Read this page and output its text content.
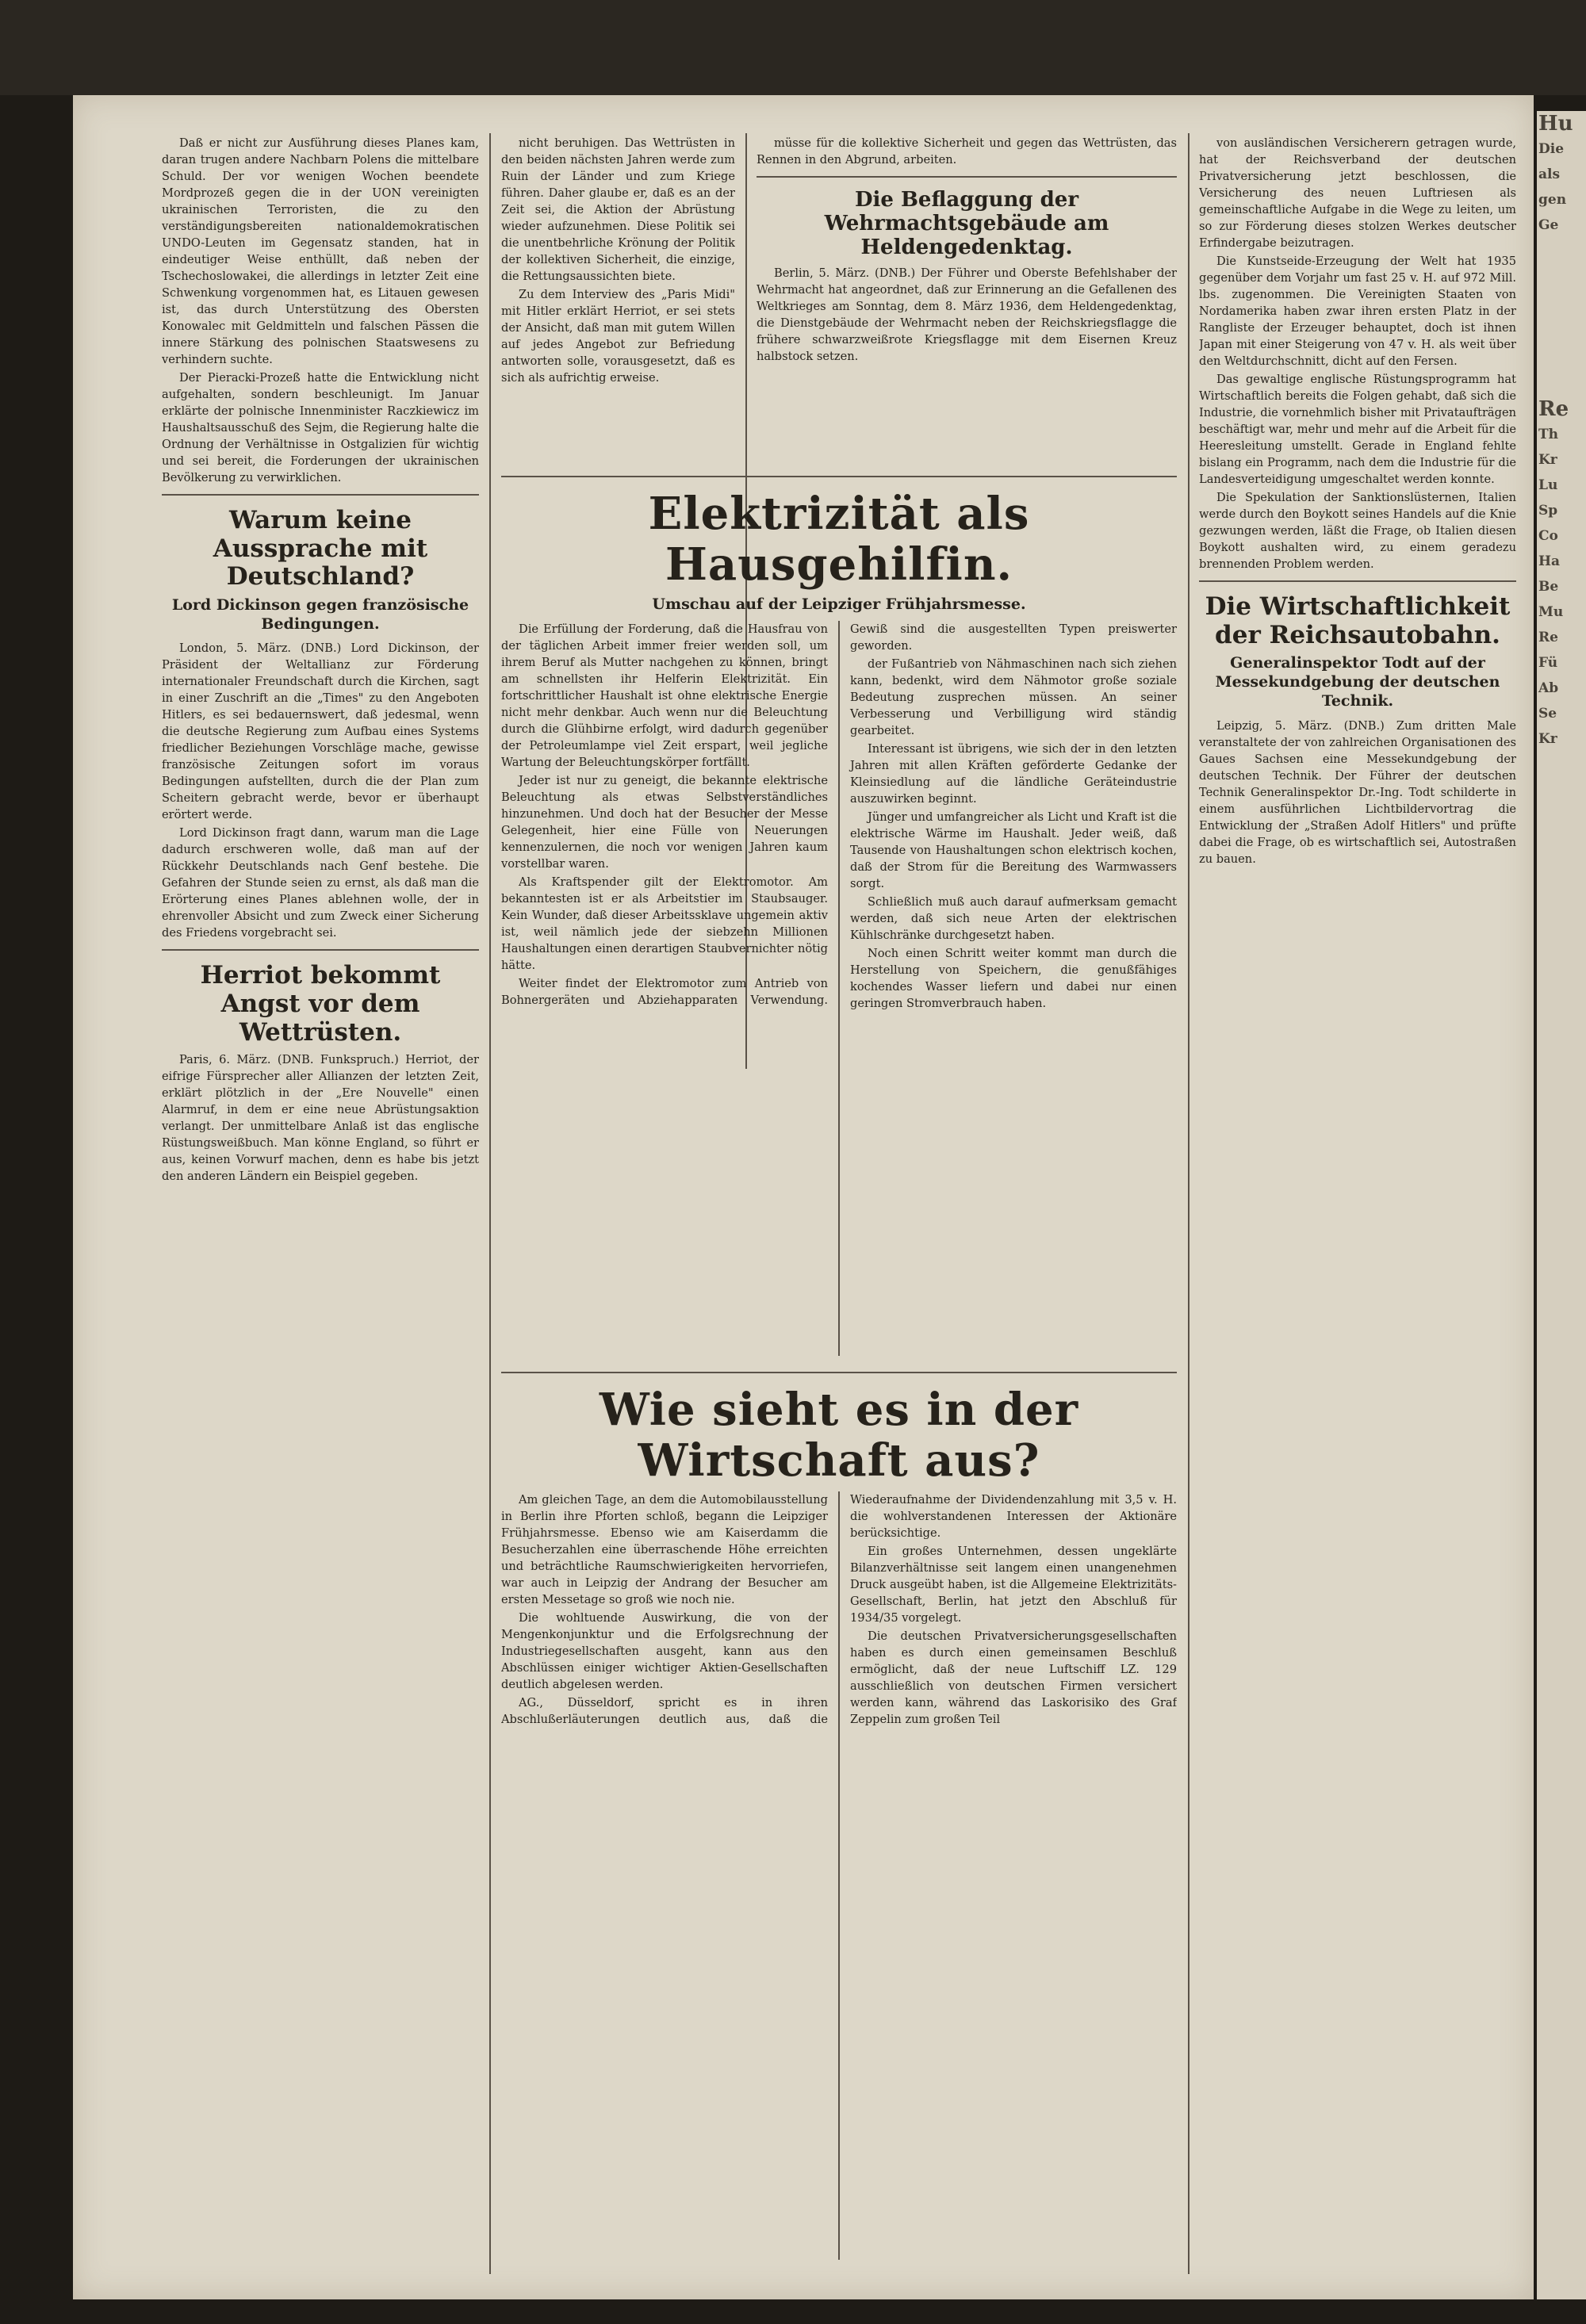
Daß er nicht zur Ausführung dieses Planes kam, daran trugen andere Nachbarn Polens die mittelbare Schuld. Der vor wenigen Wochen beendete Mordprozeß gegen die in der UON vereinigten ukrainischen Terroristen, die zu den verständigungsbereiten nationaldemokratischen UNDO-Leuten im Gegensatz standen, hat in eindeutiger Weise enthüllt, daß neben der Tschechoslowakei, die allerdings in letzter Zeit eine Schwenkung vorgenommen hat, es Litauen gewesen ist, das durch Unterstützung des Obersten Konowalec mit Geldmitteln und falschen Pässen die innere Stärkung des polnischen Staatswesens zu verhindern suchte.

Der Pieracki-Prozeß hatte die Entwicklung nicht aufgehalten, sondern beschleunigt. Im Januar erklärte der polnische Innenminister Raczkiewicz im Haushaltsausschuß des Sejm, die Regierung halte die Ordnung der Verhältnisse in Ostgalizien für wichtig und sei bereit, die Forderungen der ukrainischen Bevölkerung zu verwirklichen.

Warum keine Aussprache mit Deutschland?
Lord Dickinson gegen französische Bedingungen.

London, 5. März. (DNB.) Lord Dickinson, der Präsident der Weltallianz zur Förderung internationaler Freundschaft durch die Kirchen, sagt in einer Zuschrift an die „Times" zu den Angeboten Hitlers, es sei bedauernswert, daß jedesmal, wenn die deutsche Regierung zum Aufbau eines Systems friedlicher Beziehungen Vorschläge mache, gewisse französische Zeitungen sofort im voraus Bedingungen aufstellten, durch die der Plan zum Scheitern gebracht werde, bevor er überhaupt erörtert werde.

Lord Dickinson fragt dann, warum man die Lage dadurch erschweren wolle, daß man auf der Rückkehr Deutschlands nach Genf bestehe. Die Gefahren der Stunde seien zu ernst, als daß man die Erörterung eines Planes ablehnen wolle, der in ehrenvoller Absicht und zum Zweck einer Sicherung des Friedens vorgebracht sei.

Herriot bekommt Angst vor dem Wettrüsten.

Paris, 6. März. (DNB. Funkspruch.) Herriot, der eifrige Fürsprecher aller Allianzen der letzten Zeit, erklärt plötzlich in der „Ere Nouvelle" einen Alarmruf, in dem er eine neue Abrüstungsaktion verlangt. Der unmittelbare Anlaß ist das englische Rüstungsweißbuch. Man könne England, so führt er aus, keinen Vorwurf machen, denn es habe bis jetzt den anderen Ländern ein Beispiel gegeben.

nicht beruhigen. Das Wettrüsten in den beiden nächsten Jahren werde zum Ruin der Länder und zum Kriege führen. Daher glaube er, daß es an der Zeit sei, die Aktion der Abrüstung wieder aufzunehmen. Diese Politik sei die unentbehrliche Krönung der Politik der kollektiven Sicherheit, die einzige, die Rettungsaussichten biete.

Zu dem Interview des „Paris Midi" mit Hitler erklärt Herriot, er sei stets der Ansicht, daß man mit gutem Willen auf jedes Angebot zur Befriedung antworten solle, vorausgesetzt, daß es sich als aufrichtig erweise.

müsse für die kollektive Sicherheit und gegen das Wettrüsten, das Rennen in den Abgrund, arbeiten.

Die Beflaggung der Wehrmachtsgebäude am Heldengedenktag.

Berlin, 5. März. (DNB.) Der Führer und Oberste Befehlshaber der Wehrmacht hat angeordnet, daß zur Erinnerung an die Gefallenen des Weltkrieges am Sonntag, dem 8. März 1936, dem Heldengedenktag, die Dienstgebäude der Wehrmacht neben der Reichskriegsflagge die frühere schwarzweißrote Kriegsflagge mit dem Eisernen Kreuz halbstock setzen.

Elektrizität als Hausgehilfin.
Umschau auf der Leipziger Frühjahrsmesse.

Die Erfüllung der Forderung, daß die Hausfrau von der täglichen Arbeit immer freier werden soll, um ihrem Beruf als Mutter nachgehen zu können, bringt am schnellsten ihr Helferin Elektrizität. Ein fortschrittlicher Haushalt ist ohne elektrische Energie nicht mehr denkbar. Auch wenn nur die Beleuchtung durch die Glühbirne erfolgt, wird dadurch gegenüber der Petroleumlampe viel Zeit erspart, weil jegliche Wartung der Beleuchtungskörper fortfällt.

Jeder ist nur zu geneigt, die bekannte elektrische Beleuchtung als etwas Selbstverständliches hinzunehmen. Und doch hat der Besucher der Messe Gelegenheit, hier eine Fülle von Neuerungen kennenzulernen, die noch vor wenigen Jahren kaum vorstellbar waren.

Als Kraftspender gilt der Elektromotor. Am bekanntesten ist er als Arbeitstier im Staubsauger. Kein Wunder, daß dieser Arbeitssklave ungemein aktiv ist, weil nämlich jede der siebzehn Millionen Haushaltungen einen derartigen Staubvernichter nötig hätte.

Weiter findet der Elektromotor zum Antrieb von Bohnergeräten und Abziehapparaten Verwendung. Gewiß sind die ausgestellten Typen preiswerter geworden.

der Fußantrieb von Nähmaschinen nach sich ziehen kann, bedenkt, wird dem Nähmotor große soziale Bedeutung zusprechen müssen. An seiner Verbesserung und Verbilligung wird ständig gearbeitet.

Interessant ist übrigens, wie sich der in den letzten Jahren mit allen Kräften geförderte Gedanke der Kleinsiedlung auf die ländliche Geräteindustrie auszuwirken beginnt.

Jünger und umfangreicher als Licht und Kraft ist die elektrische Wärme im Haushalt. Jeder weiß, daß Tausende von Haushaltungen schon elektrisch kochen, daß der Strom für die Bereitung des Warmwassers sorgt.

Schließlich muß auch darauf aufmerksam gemacht werden, daß sich neue Arten der elektrischen Kühlschränke durchgesetzt haben.

Noch einen Schritt weiter kommt man durch die Herstellung von Speichern, die genußfähiges kochendes Wasser liefern und dabei nur einen geringen Stromverbrauch haben.

Wie sieht es in der Wirtschaft aus?

Am gleichen Tage, an dem die Automobilausstellung in Berlin ihre Pforten schloß, begann die Leipziger Frühjahrsmesse. Ebenso wie am Kaiserdamm die Besucherzahlen eine überraschende Höhe erreichten und beträchtliche Raumschwierigkeiten hervorriefen, war auch in Leipzig der Andrang der Besucher am ersten Messetage so groß wie noch nie.

Die wohltuende Auswirkung, die von der Mengenkonjunktur und die Erfolgsrechnung der Industriegesellschaften ausgeht, kann aus den Abschlüssen einiger wichtiger Aktien-Gesellschaften deutlich abgelesen werden.

AG., Düsseldorf, spricht es in ihren Abschlußerläuterungen deutlich aus, daß die Wiederaufnahme der Dividendenzahlung mit 3,5 v. H. die wohlverstandenen Interessen der Aktionäre berücksichtige.

Ein großes Unternehmen, dessen ungeklärte Bilanzverhältnisse seit langem einen unangenehmen Druck ausgeübt haben, ist die Allgemeine Elektrizitäts-Gesellschaft, Berlin, hat jetzt den Abschluß für 1934/35 vorgelegt.

Die deutschen Privatversicherungsgesellschaften haben es durch einen gemeinsamen Beschluß ermöglicht, daß der neue Luftschiff LZ. 129 ausschließlich von deutschen Firmen versichert werden kann, während das Laskorisiko des Graf Zeppelin zum großen Teil

von ausländischen Versicherern getragen wurde, hat der Reichsverband der deutschen Privatversicherung jetzt beschlossen, die Versicherung des neuen Luftriesen als gemeinschaftliche Aufgabe in die Wege zu leiten, um so zur Förderung dieses stolzen Werkes deutscher Erfindergabe beizutragen.

Die Kunstseide-Erzeugung der Welt hat 1935 gegenüber dem Vorjahr um fast 25 v. H. auf 972 Mill. lbs. zugenommen. Die Vereinigten Staaten von Nordamerika haben zwar ihren ersten Platz in der Rangliste der Erzeuger behauptet, doch ist ihnen Japan mit einer Steigerung von 47 v. H. als weit über den Weltdurchschnitt, dicht auf den Fersen.

Das gewaltige englische Rüstungsprogramm hat Wirtschaftlich bereits die Folgen gehabt, daß sich die Industrie, die vornehmlich bisher mit Privataufträgen beschäftigt war, mehr und mehr auf die Arbeit für die Heeresleitung umstellt. Gerade in England fehlte bislang ein Programm, nach dem die Industrie für die Landesverteidigung umgeschaltet werden konnte.

Die Spekulation der Sanktionslüsternen, Italien werde durch den Boykott seines Handels auf die Knie gezwungen werden, läßt die Frage, ob Italien diesen Boykott aushalten wird, zu einem geradezu brennenden Problem werden.

Die Wirtschaftlichkeit der Reichsautobahn.
Generalinspektor Todt auf der Messekundgebung der deutschen Technik.

Leipzig, 5. März. (DNB.) Zum dritten Male veranstaltete der von zahlreichen Organisationen des Gaues Sachsen eine Messekundgebung der deutschen Technik. Der Führer der deutschen Technik Generalinspektor Dr.-Ing. Todt schilderte in einem ausführlichen Lichtbildervortrag die Entwicklung der „Straßen Adolf Hitlers" und prüfte dabei die Frage, ob es wirtschaftlich sei, Autostraßen zu bauen.

Hu

Die

als

gen

Ge

Re

Th

Kr

Lu

Sp

Co

Ha

Be

Mu

Re

Fü

Ab

Se

Kr
